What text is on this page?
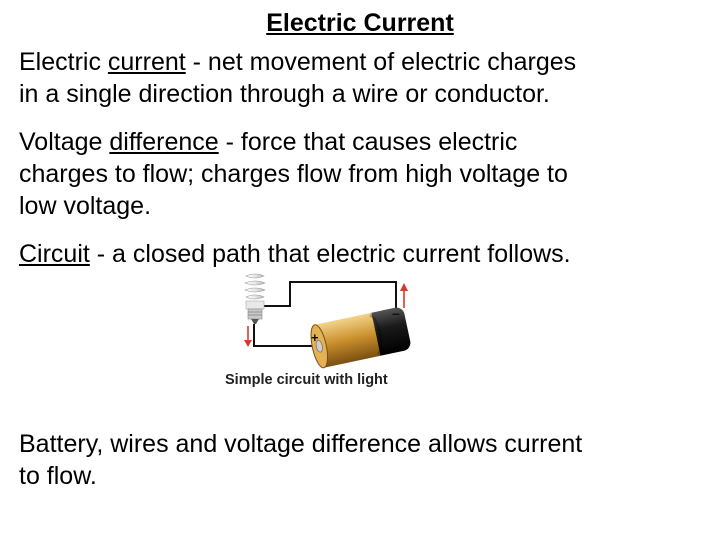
Electric Current
Electric current - net movement of electric charges
in a single direction through a wire or conductor.
Voltage difference - force that causes electric
charges to flow; charges flow from high voltage to
low voltage.
Circuit - a closed path that electric current follows.
–
+
Simple circuit with light
Battery, wires and voltage difference allows current
to flow.
